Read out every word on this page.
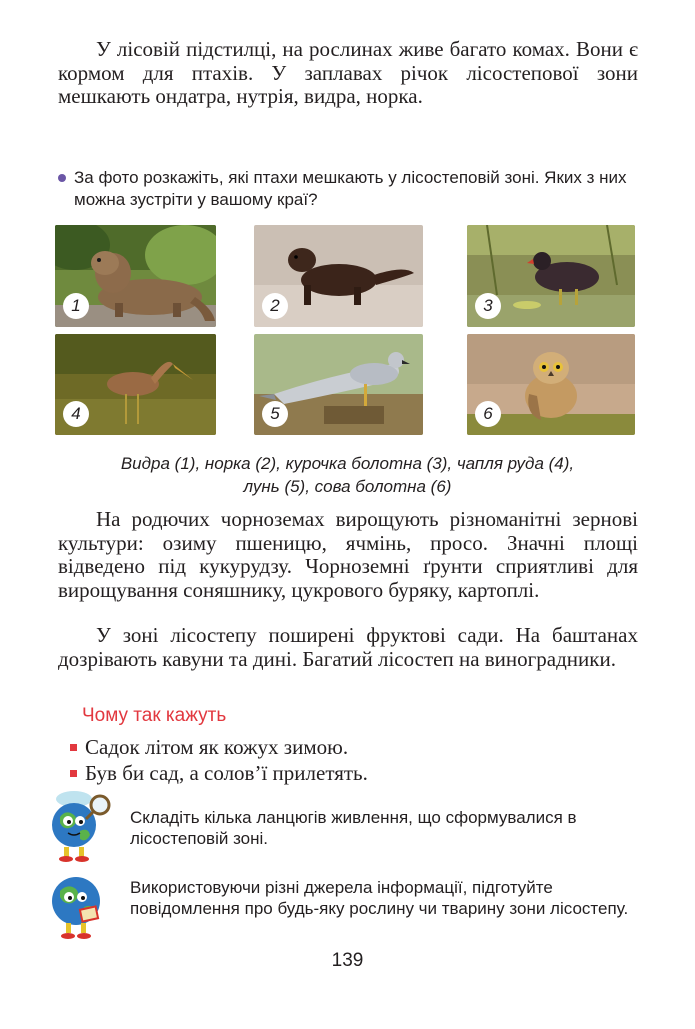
У лісовій підстилці, на рослинах живе багато комах. Вони є кормом для птахів. У заплавах річок лісостепової зони мешкають ондатра, нутрія, видра, норка.

За фото розкажіть, які птахи мешкають у лісостеповій зоні. Яких з них можна зустріти у вашому краї?
1	2	3
4	5	6
Видра (1), норка (2), курочка болотна (3), чапля руда (4),
лунь (5), сова болотна (6)

На родючих чорноземах вирощують різноманітні зернові культури: озиму пшеницю, ячмінь, просо. Значні площі відведено під кукурудзу. Чорноземні ґрунти сприятливі для вирощування соняшнику, цукрового буряку, картоплі.

У зоні лісостепу поширені фруктові сади. На баштанах дозрівають кавуни та дині. Багатий лісостеп на виноградники.

Чому так кажуть
Садок літом як кожух зимою.
Був би сад, а солов’ї прилетять.
Складіть кілька ланцюгів живлення, що сформувалися в лісостеповій зоні.
Використовуючи різні джерела інформації, підготуйте повідомлення про будь-яку рослину чи тварину зони лісостепу.
139
